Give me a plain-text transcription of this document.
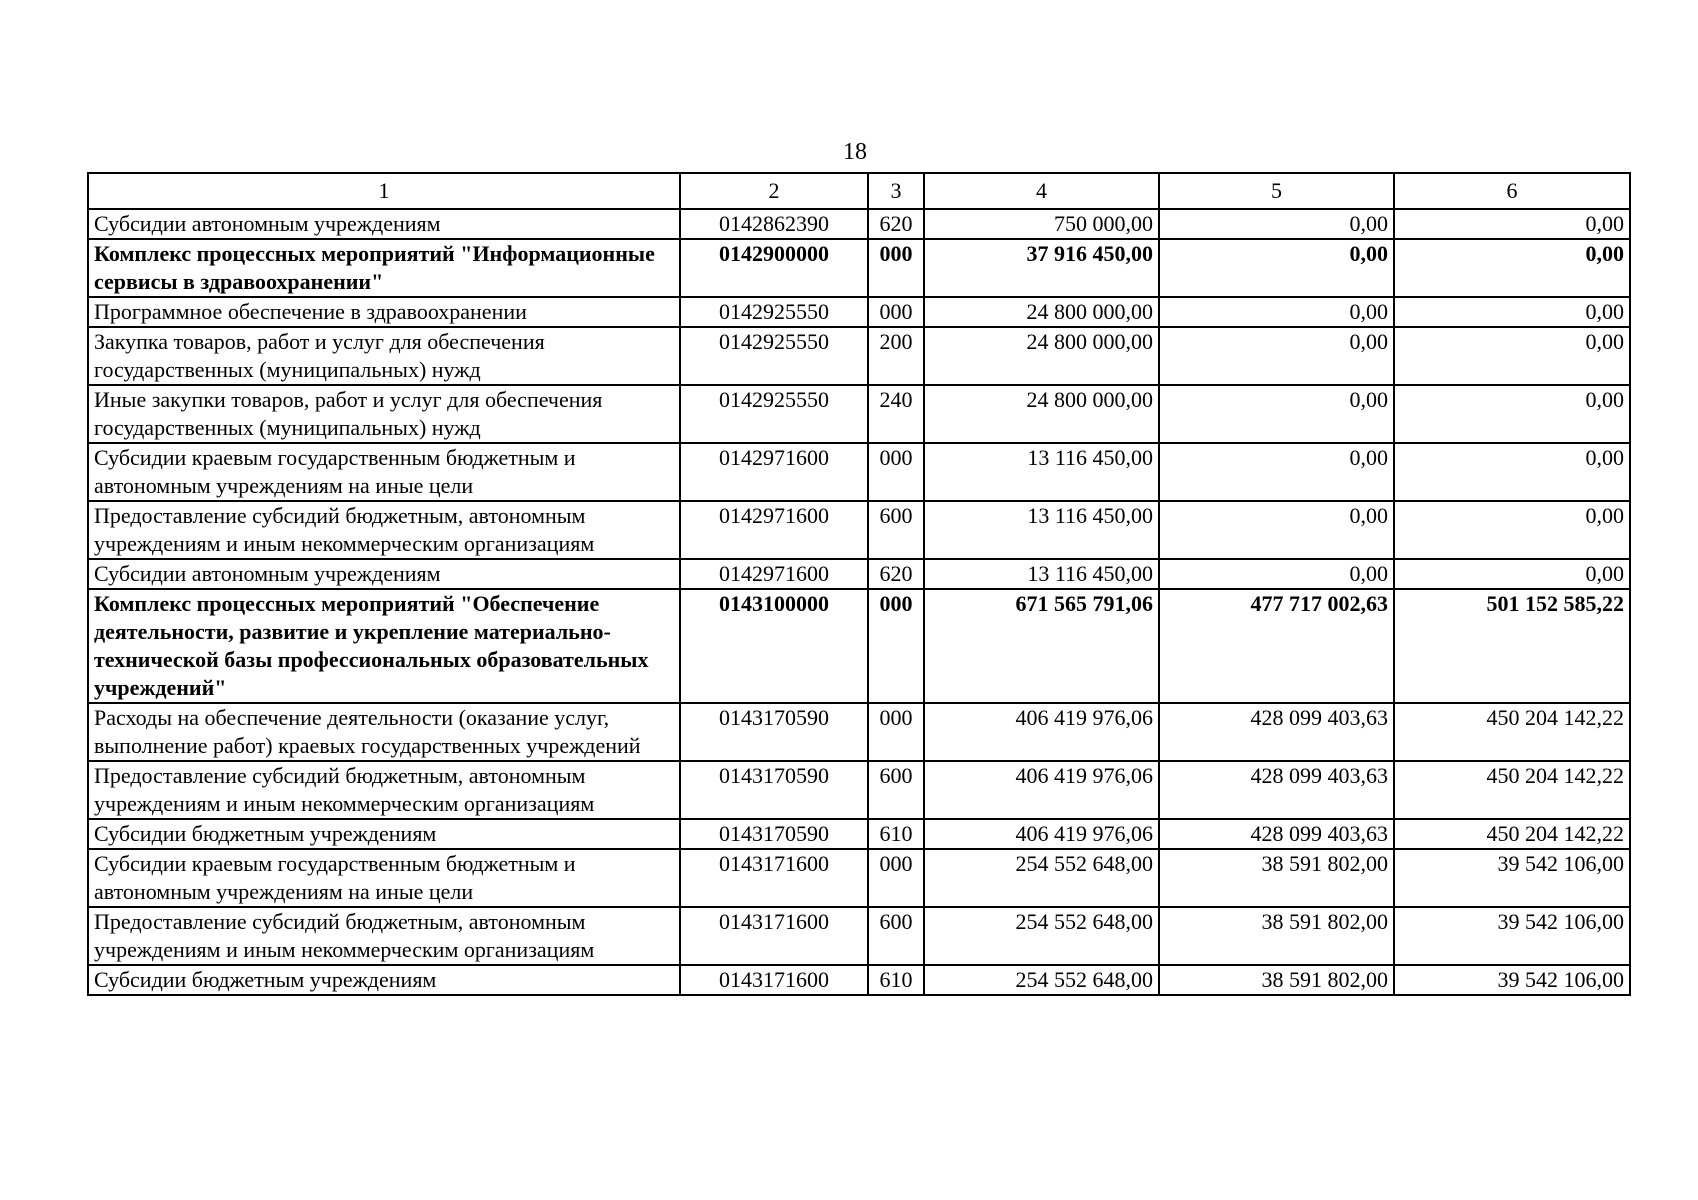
18
1	2	3	4	5	6
Субсидии автономным учреждениям	0142862390	620	750 000,00	0,00	0,00
Комплекс процессных мероприятий "Информационные сервисы в здравоохранении"	0142900000	000	37 916 450,00	0,00	0,00
Программное обеспечение в здравоохранении	0142925550	000	24 800 000,00	0,00	0,00
Закупка товаров, работ и услуг для обеспечения государственных (муниципальных) нужд	0142925550	200	24 800 000,00	0,00	0,00
Иные закупки товаров, работ и услуг для обеспечения государственных (муниципальных) нужд	0142925550	240	24 800 000,00	0,00	0,00
Субсидии краевым государственным бюджетным и автономным учреждениям на иные цели	0142971600	000	13 116 450,00	0,00	0,00
Предоставление субсидий бюджетным, автономным учреждениям и иным некоммерческим организациям	0142971600	600	13 116 450,00	0,00	0,00
Субсидии автономным учреждениям	0142971600	620	13 116 450,00	0,00	0,00
Комплекс процессных мероприятий "Обеспечение деятельности, развитие и укрепление материально-технической базы профессиональных образовательных учреждений"	0143100000	000	671 565 791,06	477 717 002,63	501 152 585,22
Расходы на обеспечение деятельности (оказание услуг, выполнение работ) краевых государственных учреждений	0143170590	000	406 419 976,06	428 099 403,63	450 204 142,22
Предоставление субсидий бюджетным, автономным учреждениям и иным некоммерческим организациям	0143170590	600	406 419 976,06	428 099 403,63	450 204 142,22
Субсидии бюджетным учреждениям	0143170590	610	406 419 976,06	428 099 403,63	450 204 142,22
Субсидии краевым государственным бюджетным и автономным учреждениям на иные цели	0143171600	000	254 552 648,00	38 591 802,00	39 542 106,00
Предоставление субсидий бюджетным, автономным учреждениям и иным некоммерческим организациям	0143171600	600	254 552 648,00	38 591 802,00	39 542 106,00
Субсидии бюджетным учреждениям	0143171600	610	254 552 648,00	38 591 802,00	39 542 106,00
